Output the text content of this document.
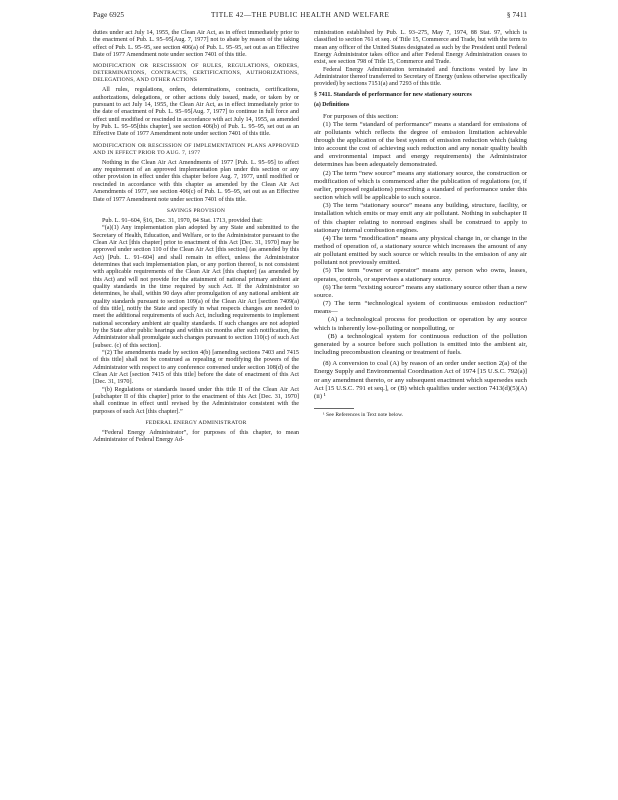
Page 6925	TITLE 42—THE PUBLIC HEALTH AND WELFARE	§ 7411

duties under act July 14, 1955, the Clean Air Act, as in effect immediately prior to the enactment of Pub. L. 95–95[Aug. 7, 1977] not to abate by reason of the taking effect of Pub. L. 95–95, see section 406(a) of Pub. L. 95–95, set out as an Effective Date of 1977 Amendment note under section 7401 of this title.

MODIFICATION OR RESCISSION OF RULES, REGULATIONS, ORDERS, DETERMINATIONS, CONTRACTS, CERTIFICATIONS, AUTHORIZATIONS, DELEGATIONS, AND OTHER ACTIONS

All rules, regulations, orders, determinations, contracts, certifications, authorizations, delegations, or other actions duly issued, made, or taken by or pursuant to act July 14, 1955, the Clean Air Act, as in effect immediately prior to the date of enactment of Pub. L. 95–95[Aug. 7, 1977] to continue in full force and effect until modified or rescinded in accordance with act July 14, 1955, as amended by Pub. L. 95–95[this chapter], see section 406(b) of Pub. L. 95–95, set out as an Effective Date of 1977 Amendment note under section 7401 of this title.

MODIFICATION OR RESCISSION OF IMPLEMENTATION PLANS APPROVED AND IN EFFECT PRIOR TO AUG. 7, 1977

Nothing in the Clean Air Act Amendments of 1977 [Pub. L. 95–95] to affect any requirement of an approved implementation plan under this section or any other provision in effect under this chapter before Aug. 7, 1977, until modified or rescinded in accordance with this chapter as amended by the Clean Air Act Amendments of 1977, see section 406(c) of Pub. L. 95–95, set out as an Effective Date of 1977 Amendment note under section 7401 of this title.

SAVINGS PROVISION

Pub. L. 91–604, §16, Dec. 31, 1970, 84 Stat. 1713, provided that:

“(a)(1) Any implementation plan adopted by any State and submitted to the Secretary of Health, Education, and Welfare, or to the Administrator pursuant to the Clean Air Act [this chapter] prior to enactment of this Act [Dec. 31, 1970] may be approved under section 110 of the Clean Air Act [this section] (as amended by this Act) [Pub. L. 91–604] and shall remain in effect, unless the Administrator determines that such implementation plan, or any portion thereof, is not consistent with applicable requirements of the Clean Air Act [this chapter] (as amended by this Act) and will not provide for the attainment of national primary ambient air quality standards in the time required by such Act. If the Administrator so determines, he shall, within 90 days after promulgation of any national ambient air quality standards pursuant to section 109(a) of the Clean Air Act [section 7409(a) of this title], notify the State and specify in what respects changes are needed to meet the additional requirements of such Act, including requirements to implement national secondary ambient air quality standards. If such changes are not adopted by the State after public hearings and within six months after such notification, the Administrator shall promulgate such changes pursuant to section 110(c) of such Act [subsec. (c) of this section].

“(2) The amendments made by section 4(b) [amending sections 7403 and 7415 of this title] shall not be construed as repealing or modifying the powers of the Administrator with respect to any conference convened under section 108(d) of the Clean Air Act [section 7415 of this title] before the date of enactment of this Act [Dec. 31, 1970].

“(b) Regulations or standards issued under this title II of the Clean Air Act [subchapter II of this chapter] prior to the enactment of this Act [Dec. 31, 1970] shall continue in effect until revised by the Administrator consistent with the purposes of such Act [this chapter].”

FEDERAL ENERGY ADMINISTRATOR

“Federal Energy Administrator”, for purposes of this chapter, to mean Administrator of Federal Energy Ad-

ministration established by Pub. L. 93–275, May 7, 1974, 88 Stat. 97, which is classified to section 761 et seq. of Title 15, Commerce and Trade, but with the term to mean any officer of the United States designated as such by the President until Federal Energy Administrator takes office and after Federal Energy Administration ceases to exist, see section 798 of Title 15, Commerce and Trade.

Federal Energy Administration terminated and functions vested by law in Administrator thereof transferred to Secretary of Energy (unless otherwise specifically provided) by sections 7151(a) and 7293 of this title.

§ 7411. Standards of performance for new stationary sources
(a) Definitions

For purposes of this section:

(1) The term “standard of performance” means a standard for emissions of air pollutants which reflects the degree of emission limitation achievable through the application of the best system of emission reduction which (taking into account the cost of achieving such reduction and any nonair quality health and environmental impact and energy requirements) the Administrator determines has been adequately demonstrated.

(2) The term “new source” means any stationary source, the construction or modification of which is commenced after the publication of regulations (or, if earlier, proposed regulations) prescribing a standard of performance under this section which will be applicable to such source.

(3) The term “stationary source” means any building, structure, facility, or installation which emits or may emit any air pollutant. Nothing in subchapter II of this chapter relating to nonroad engines shall be construed to apply to stationary internal combustion engines.

(4) The term “modification” means any physical change in, or change in the method of operation of, a stationary source which increases the amount of any air pollutant emitted by such source or which results in the emission of any air pollutant not previously emitted.

(5) The term “owner or operator” means any person who owns, leases, operates, controls, or supervises a stationary source.

(6) The term “existing source” means any stationary source other than a new source.

(7) The term “technological system of continuous emission reduction” means—

(A) a technological process for production or operation by any source which is inherently low-polluting or nonpolluting, or

(B) a technological system for continuous reduction of the pollution generated by a source before such pollution is emitted into the ambient air, including precombustion cleaning or treatment of fuels.

(8) A conversion to coal (A) by reason of an order under section 2(a) of the Energy Supply and Environmental Coordination Act of 1974 [15 U.S.C. 792(a)] or any amendment thereto, or any subsequent enactment which supersedes such Act [15 U.S.C. 791 et seq.], or (B) which qualifies under section 7413(d)(5)(A)(ii) ¹

¹ See References in Text note below.
